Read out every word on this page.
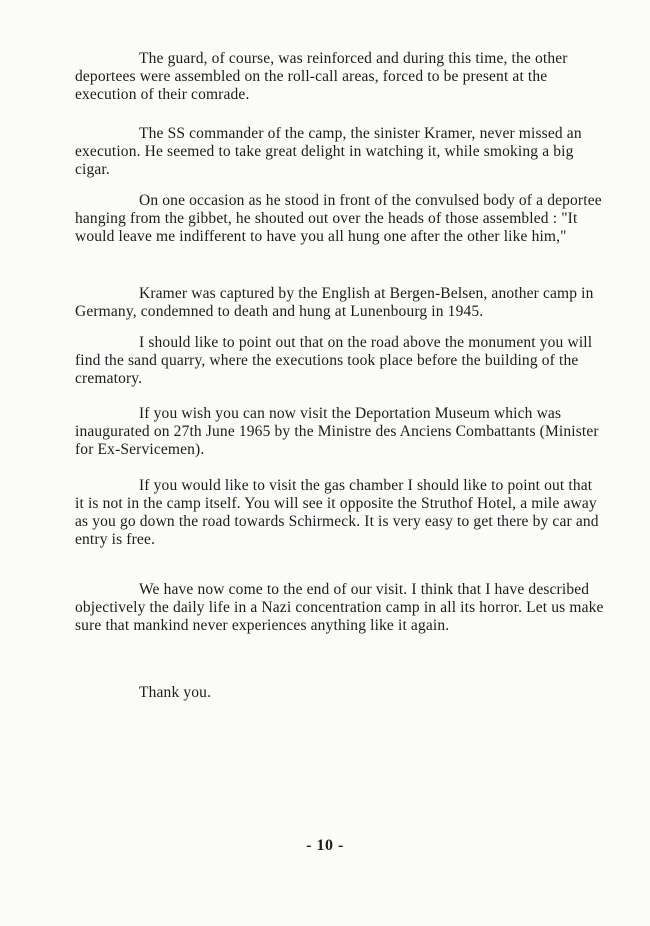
The guard, of course, was reinforced and during this time, the other deportees were assembled on the roll-call areas, forced to be present at the execution of their comrade.

The SS commander of the camp, the sinister Kramer, never missed an execution. He seemed to take great delight in watching it, while smoking a big cigar.

On one occasion as he stood in front of the convulsed body of a deportee hanging from the gibbet, he shouted out over the heads of those assembled : "It would leave me indifferent to have you all hung one after the other like him,"

Kramer was captured by the English at Bergen-Belsen, another camp in Germany, condemned to death and hung at Lunenbourg in 1945.

I should like to point out that on the road above the monument you will find the sand quarry, where the executions took place before the building of the crematory.

If you wish you can now visit the Deportation Museum which was inaugurated on 27th June 1965 by the Ministre des Anciens Combattants (Minister for Ex-Servicemen).

If you would like to visit the gas chamber I should like to point out that it is not in the camp itself. You will see it opposite the Struthof Hotel, a mile away as you go down the road towards Schirmeck. It is very easy to get there by car and entry is free.

We have now come to the end of our visit. I think that I have described objectively the daily life in a Nazi concentration camp in all its horror. Let us make sure that mankind never experiences anything like it again.

Thank you.

- 10 -
